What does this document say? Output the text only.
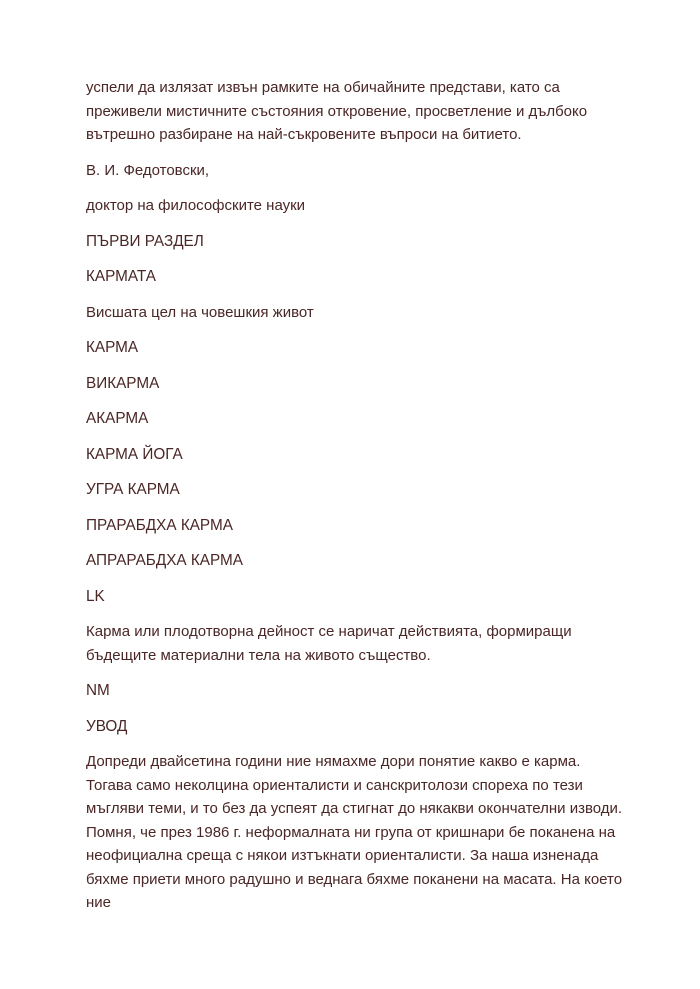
успели да излязат извън рамките на обичайните представи, като са преживели мистичните състояния откровение, просветление и дълбоко вътрешно разбиране на най-съкровените въпроси на битието.

В. И. Федотовски,

доктор на философските науки

ПЪРВИ РАЗДЕЛ

КАРМАТА

Висшата цел на човешкия живот

КАРМА

ВИКАРМА

АКАРМА

КАРМА ЙОГА

УГРА КАРМА

ПРАРАБДХА КАРМА

АПРАРАБДХА КАРМА

LK

Карма или плодотворна дейност се наричат действията, формиращи бъдещите материални тела на живото същество.

NM

УВОД

Допреди двайсетина години ние нямахме дори понятие какво е карма. Тогава само неколцина ориенталисти и санскритолози спореха по тези мъгляви теми, и то без да успеят да стигнат до някакви окончателни изводи. Помня, че през 1986 г. неформалната ни група от кришнари бе поканена на неофициална среща с някои изтъкнати ориенталисти. За наша изненада бяхме приети много радушно и веднага бяхме поканени на масата. На което ние
